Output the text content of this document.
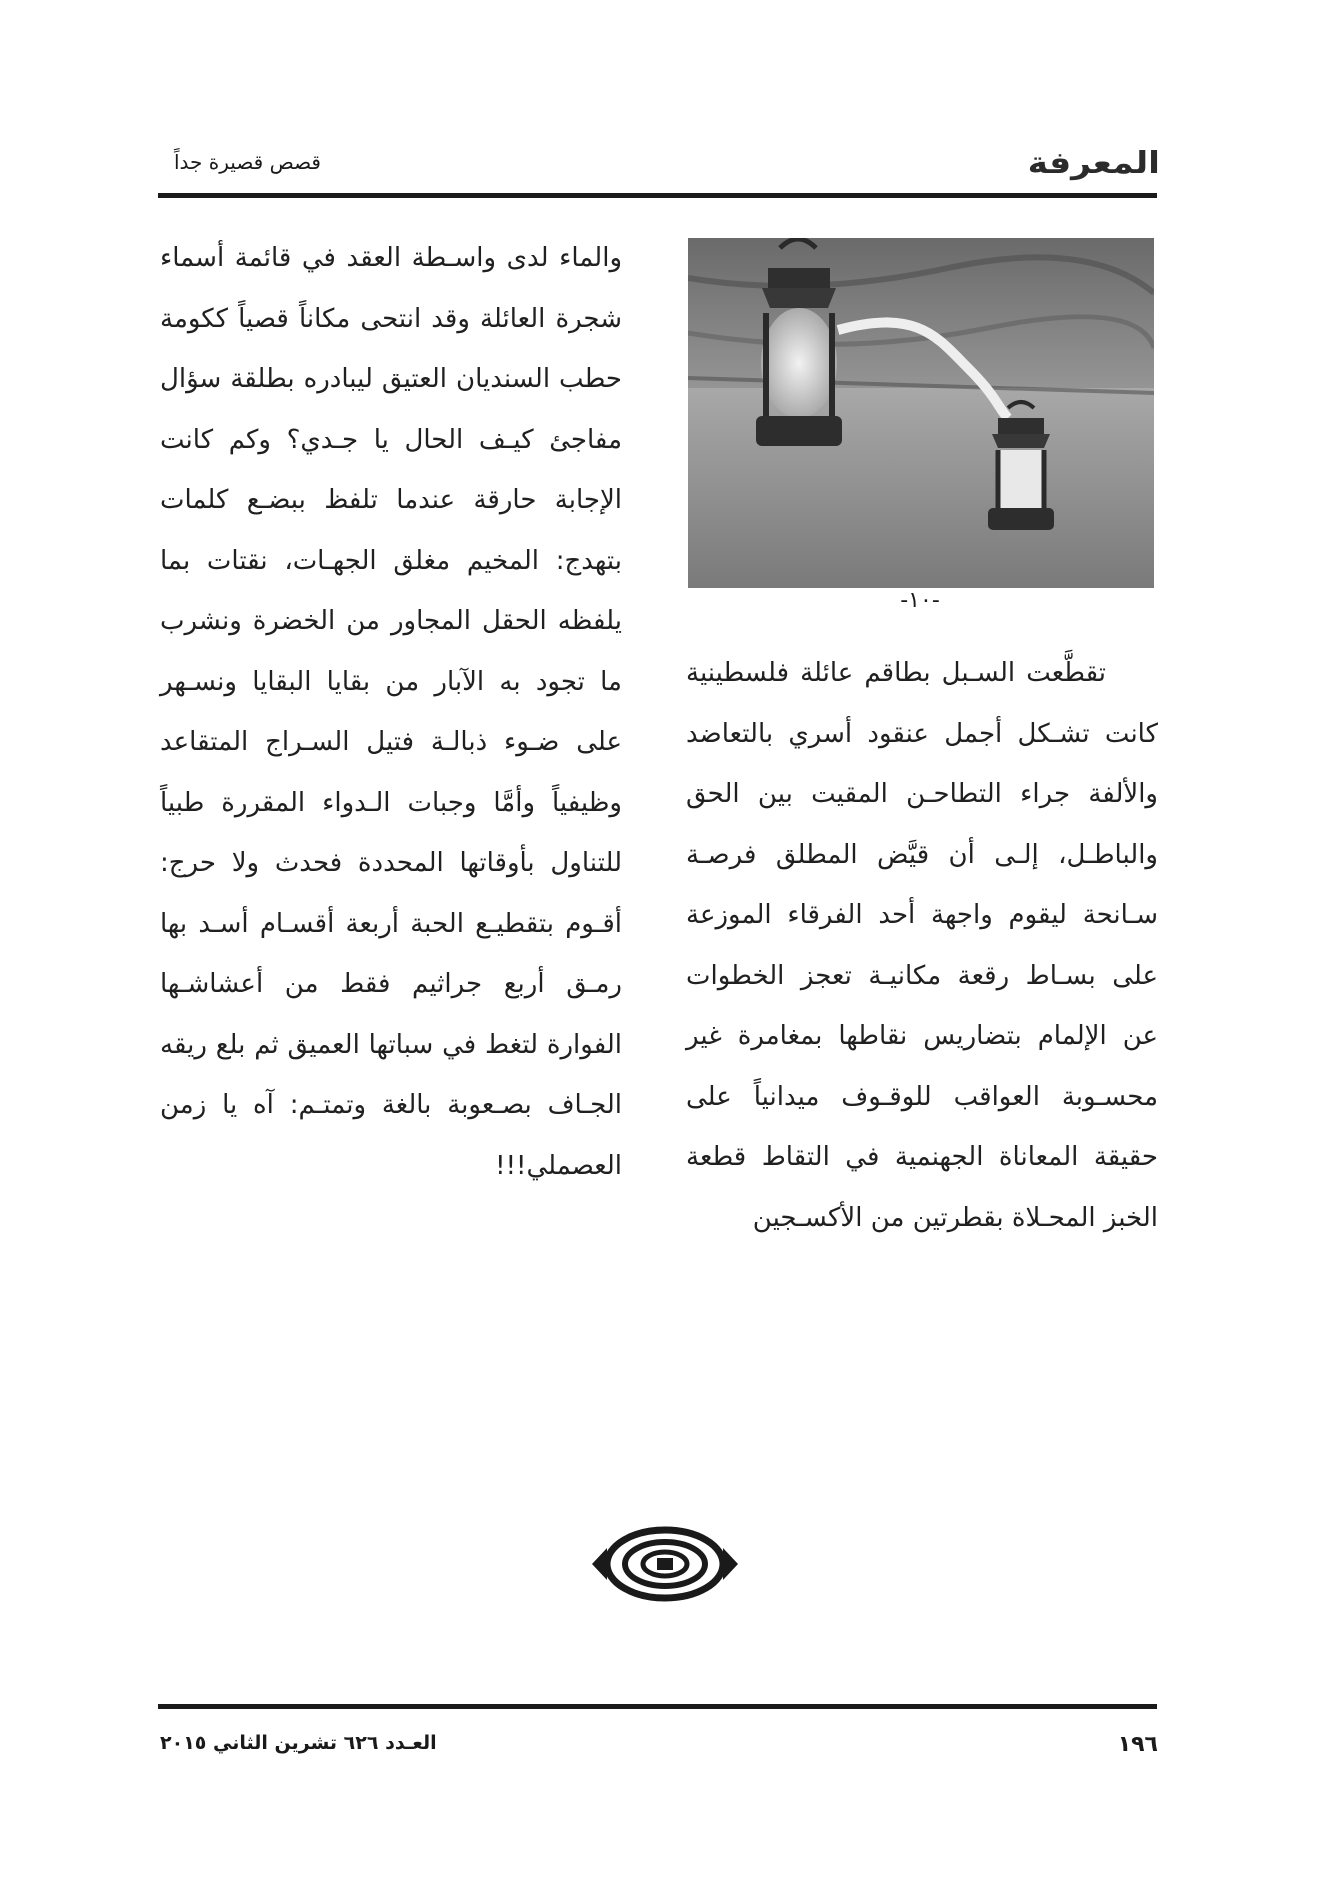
قصص قصيرة جداً	المعرفة
-١٠-
تقطَّعت السـبل بطاقم عائلة فلسطينية كانت تشـكل أجمل عنقود أسري بالتعاضد والألفة جراء التطاحـن المقيت بين الحق والباطـل، إلـى أن قيَّض المطلق فرصـة سـانحة ليقوم واجهة أحد الفرقاء الموزعة على بسـاط رقعة مكانيـة تعجز الخطوات عن الإلمام بتضاريس نقاطها بمغامرة غير محسـوبة العواقب للوقـوف ميدانياً على حقيقة المعاناة الجهنمية في التقاط قطعة الخبز المحـلاة بقطرتين من الأكسـجين
والماء لدى واسـطة العقد في قائمة أسماء شجرة العائلة وقد انتحى مكاناً قصياً ككومة حطب السنديان العتيق ليبادره بطلقة سؤال مفاجئ كيـف الحال يا جـدي؟ وكم كانت الإجابة حارقة عندما تلفظ ببضـع كلمات بتهدج: المخيم مغلق الجهـات، نقتات بما يلفظه الحقل المجاور من الخضرة ونشرب ما تجود به الآبار من بقايا البقايا ونسـهر على ضـوء ذبالـة فتيل السـراج المتقاعد وظيفياً وأمَّا وجبات الـدواء المقررة طبياً للتناول بأوقاتها المحددة فحدث ولا حرج: أقـوم بتقطيـع الحبة أربعة أقسـام أسـد بها رمـق أربع جراثيم فقط من أعشاشـها الفوارة لتغط في سباتها العميق ثم بلع ريقه الجـاف بصـعوبة بالغة وتمتـم: آه يا زمن العصملي!!!
١٩٦
العـدد ٦٢٦ تشرين الثاني ٢٠١٥
